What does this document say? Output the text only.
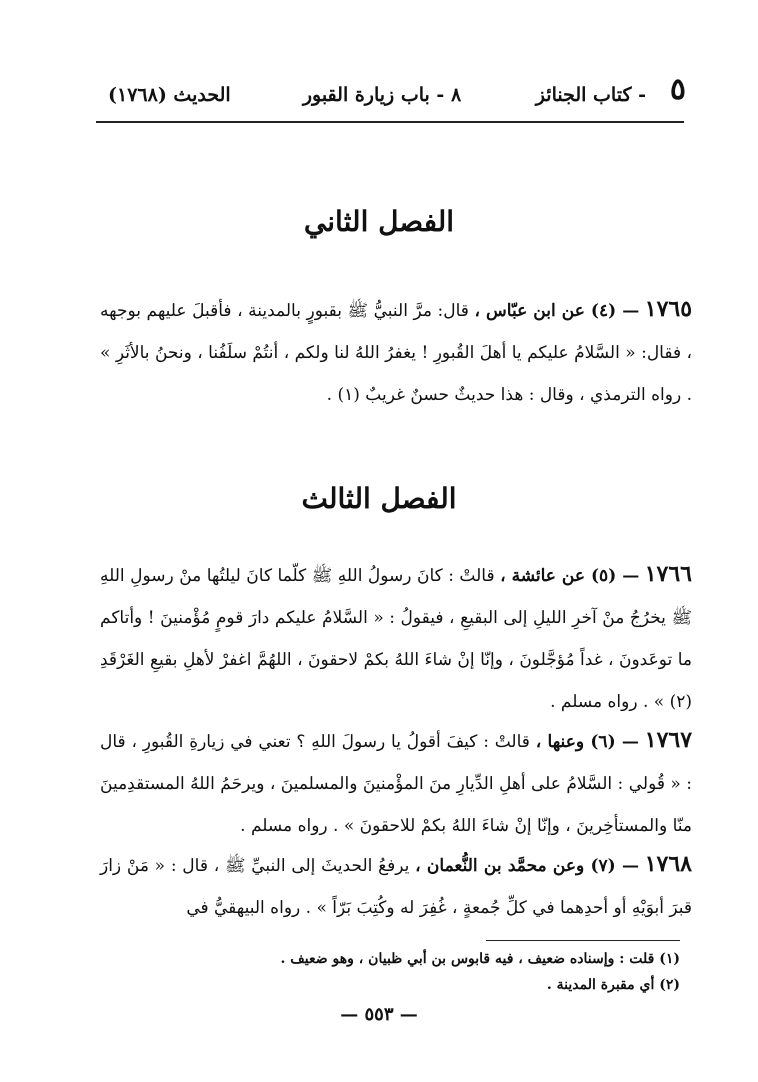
٥
- كتاب الجنائز
٨ - باب زيارة القبور
الحديث (١٧٦٨)
الفصل الثاني
١٧٦٥ — (٤) عن ابن عبّاس ، قال: مرَّ النبيُّ ﷺ بقبورٍ بالمدينة ، فأقبلَ عليهم بوجهه ، فقال: « السَّلامُ عليكم يا أهلَ القُبورِ ! يغفرُ اللهُ لنا ولكم ، أنتُمْ سلَفُنا ، ونحنُ بالأثَرِ » . رواه الترمذي ، وقال : هذا حديثٌ حسنٌ غريبٌ (١) .
الفصل الثالث
١٧٦٦ — (٥) عن عائشة ، قالتْ : كانَ رسولُ اللهِ ﷺ كلّما كانَ ليلتُها منْ رسولِ اللهِ ﷺ يخرُجُ منْ آخرِ الليلِ إلى البقيعِ ، فيقولُ : « السَّلامُ عليكم دارَ قومٍ مُؤْمنينَ ! وأتاكم ما توعَدونَ ، غداً مُؤجَّلونَ ، وإنّا إنْ شاءَ اللهُ بكمْ لاحقونَ ، اللهُمَّ اغفرْ لأهلِ بقيعِ الغَرْقَدِ (٢) » . رواه مسلم .
١٧٦٧ — (٦) وعنها ، قالتْ : كيفَ أقولُ يا رسولَ اللهِ ؟ تعني في زيارةِ القُبورِ ، قال : « قُولي : السَّلامُ على أهلِ الدِّيارِ منَ المؤْمنينَ والمسلمينَ ، ويرحَمُ اللهُ المستقدِمينَ منّا والمستأخِرينَ ، وإنّا إنْ شاءَ اللهُ بكمْ للاحقونَ » . رواه مسلم .
١٧٦٨ — (٧) وعن محمَّد بن النُّعمان ، يرفعُ الحديثَ إلى النبيِّ ﷺ ، قال : « مَنْ زارَ قبرَ أبوَيْهِ أو أحدِهما في كلِّ جُمعةٍ ، غُفِرَ له وكُتِبَ بَرّاً » . رواه البيهقيُّ في
(١) قلت : وإسناده ضعيف ، فيه قابوس بن أبي ظبيان ، وهو ضعيف .
(٢) أي مقبرة المدينة .
— ٥٥٣ —
